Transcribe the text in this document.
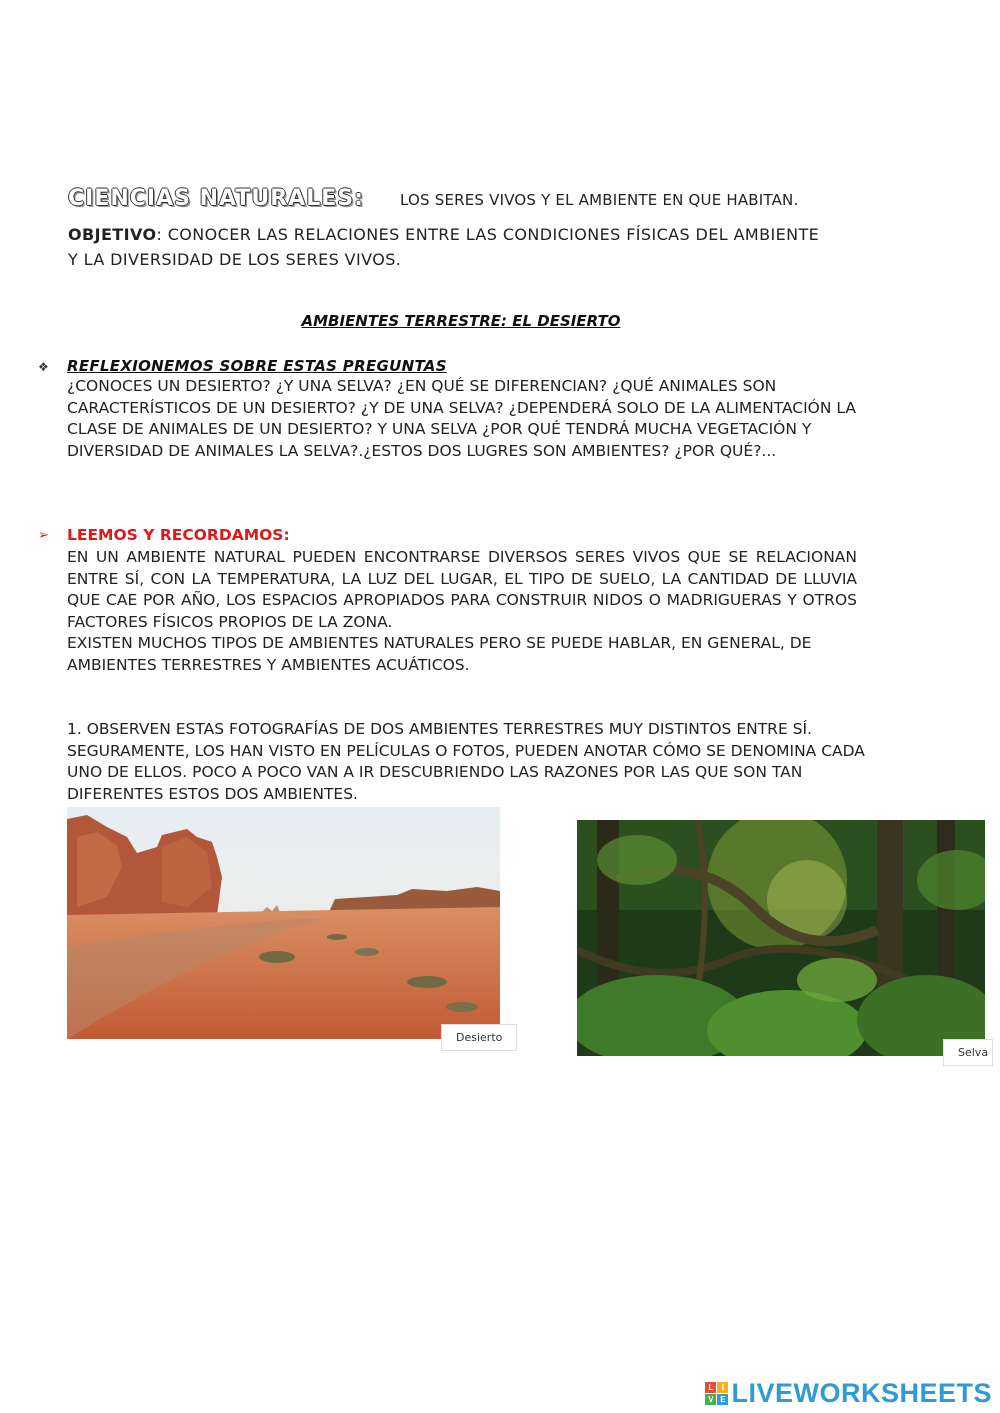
CIENCIAS NATURALES: LOS SERES VIVOS Y EL AMBIENTE EN QUE HABITAN.
OBJETIVO: CONOCER LAS RELACIONES ENTRE LAS CONDICIONES FÍSICAS DEL AMBIENTE Y LA DIVERSIDAD DE LOS SERES VIVOS.
AMBIENTES TERRESTRE: EL DESIERTO
❖ REFLEXIONEMOS SOBRE ESTAS PREGUNTAS
¿CONOCES UN DESIERTO? ¿Y UNA SELVA? ¿EN QUÉ SE DIFERENCIAN? ¿QUÉ ANIMALES SON CARACTERÍSTICOS DE UN DESIERTO? ¿Y DE UNA SELVA? ¿DEPENDERÁ SOLO DE LA ALIMENTACIÓN LA CLASE DE ANIMALES DE UN DESIERTO? Y UNA SELVA ¿POR QUÉ TENDRÁ MUCHA VEGETACIÓN Y DIVERSIDAD DE ANIMALES LA SELVA?.¿ESTOS DOS LUGRES SON AMBIENTES? ¿POR QUÉ?...
➢ LEEMOS Y RECORDAMOS:
EN UN AMBIENTE NATURAL PUEDEN ENCONTRARSE DIVERSOS SERES VIVOS QUE SE RELACIONAN ENTRE SÍ, CON LA TEMPERATURA, LA LUZ DEL LUGAR, EL TIPO DE SUELO, LA CANTIDAD DE LLUVIA QUE CAE POR AÑO, LOS ESPACIOS APROPIADOS PARA CONSTRUIR NIDOS O MADRIGUERAS Y OTROS FACTORES FÍSICOS PROPIOS DE LA ZONA.
EXISTEN MUCHOS TIPOS DE AMBIENTES NATURALES PERO SE PUEDE HABLAR, EN GENERAL, DE AMBIENTES TERRESTRES Y AMBIENTES ACUÁTICOS.
1. OBSERVEN ESTAS FOTOGRAFÍAS DE DOS AMBIENTES TERRESTRES MUY DISTINTOS ENTRE SÍ. SEGURAMENTE, LOS HAN VISTO EN PELÍCULAS O FOTOS, PUEDEN ANOTAR CÓMO SE DENOMINA CADA UNO DE ELLOS. POCO A POCO VAN A IR DESCUBRIENDO LAS RAZONES POR LAS QUE SON TAN DIFERENTES ESTOS DOS AMBIENTES.
Desierto
Selva
L	I
V E LIVEWORKSHEETS
